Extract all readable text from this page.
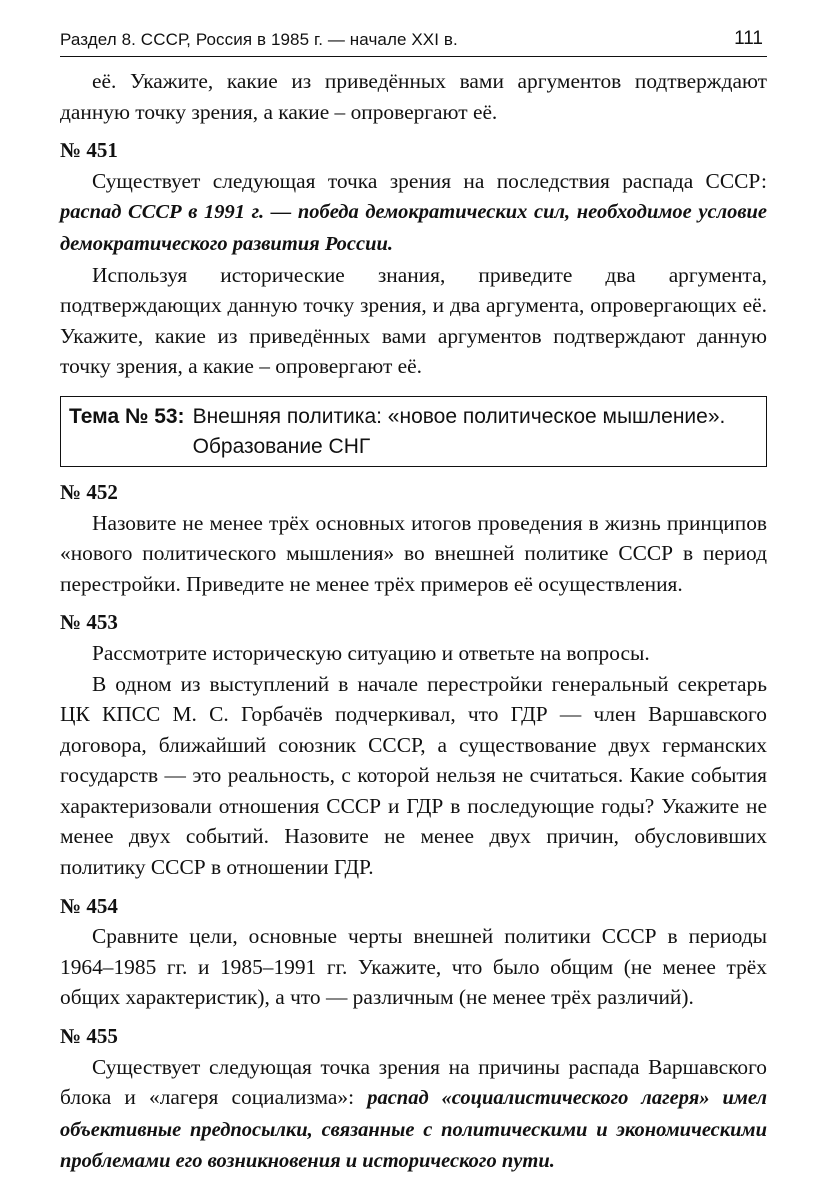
Раздел 8. СССР, Россия в 1985 г. — начале XXI в.	111

её. Укажите, какие из приведённых вами аргументов подтверждают данную точку зрения, а какие – опровергают её.

№ 451

Существует следующая точка зрения на последствия распада СССР: распад СССР в 1991 г. — победа демократических сил, необходимое условие демократического развития России.

Используя исторические знания, приведите два аргумента, подтверждающих данную точку зрения, и два аргумента, опровергающих её. Укажите, какие из приведённых вами аргументов подтверждают данную точку зрения, а какие – опровергают её.

Тема № 53: Внешняя политика: «новое политическое мышление». Образование СНГ

№ 452

Назовите не менее трёх основных итогов проведения в жизнь принципов «нового политического мышления» во внешней политике СССР в период перестройки. Приведите не менее трёх примеров её осуществления.

№ 453

Рассмотрите историческую ситуацию и ответьте на вопросы.

В одном из выступлений в начале перестройки генеральный секретарь ЦК КПСС М. С. Горбачёв подчеркивал, что ГДР — член Варшавского договора, ближайший союзник СССР, а существование двух германских государств — это реальность, с которой нельзя не считаться. Какие события характеризовали отношения СССР и ГДР в последующие годы? Укажите не менее двух событий. Назовите не менее двух причин, обусловивших политику СССР в отношении ГДР.

№ 454

Сравните цели, основные черты внешней политики СССР в периоды 1964–1985 гг. и 1985–1991 гг. Укажите, что было общим (не менее трёх общих характеристик), а что — различным (не менее трёх различий).

№ 455

Существует следующая точка зрения на причины распада Варшавского блока и «лагеря социализма»: распад «социалистического лагеря» имел объективные предпосылки, связанные с политическими и экономическими проблемами его возникновения и исторического пути.
